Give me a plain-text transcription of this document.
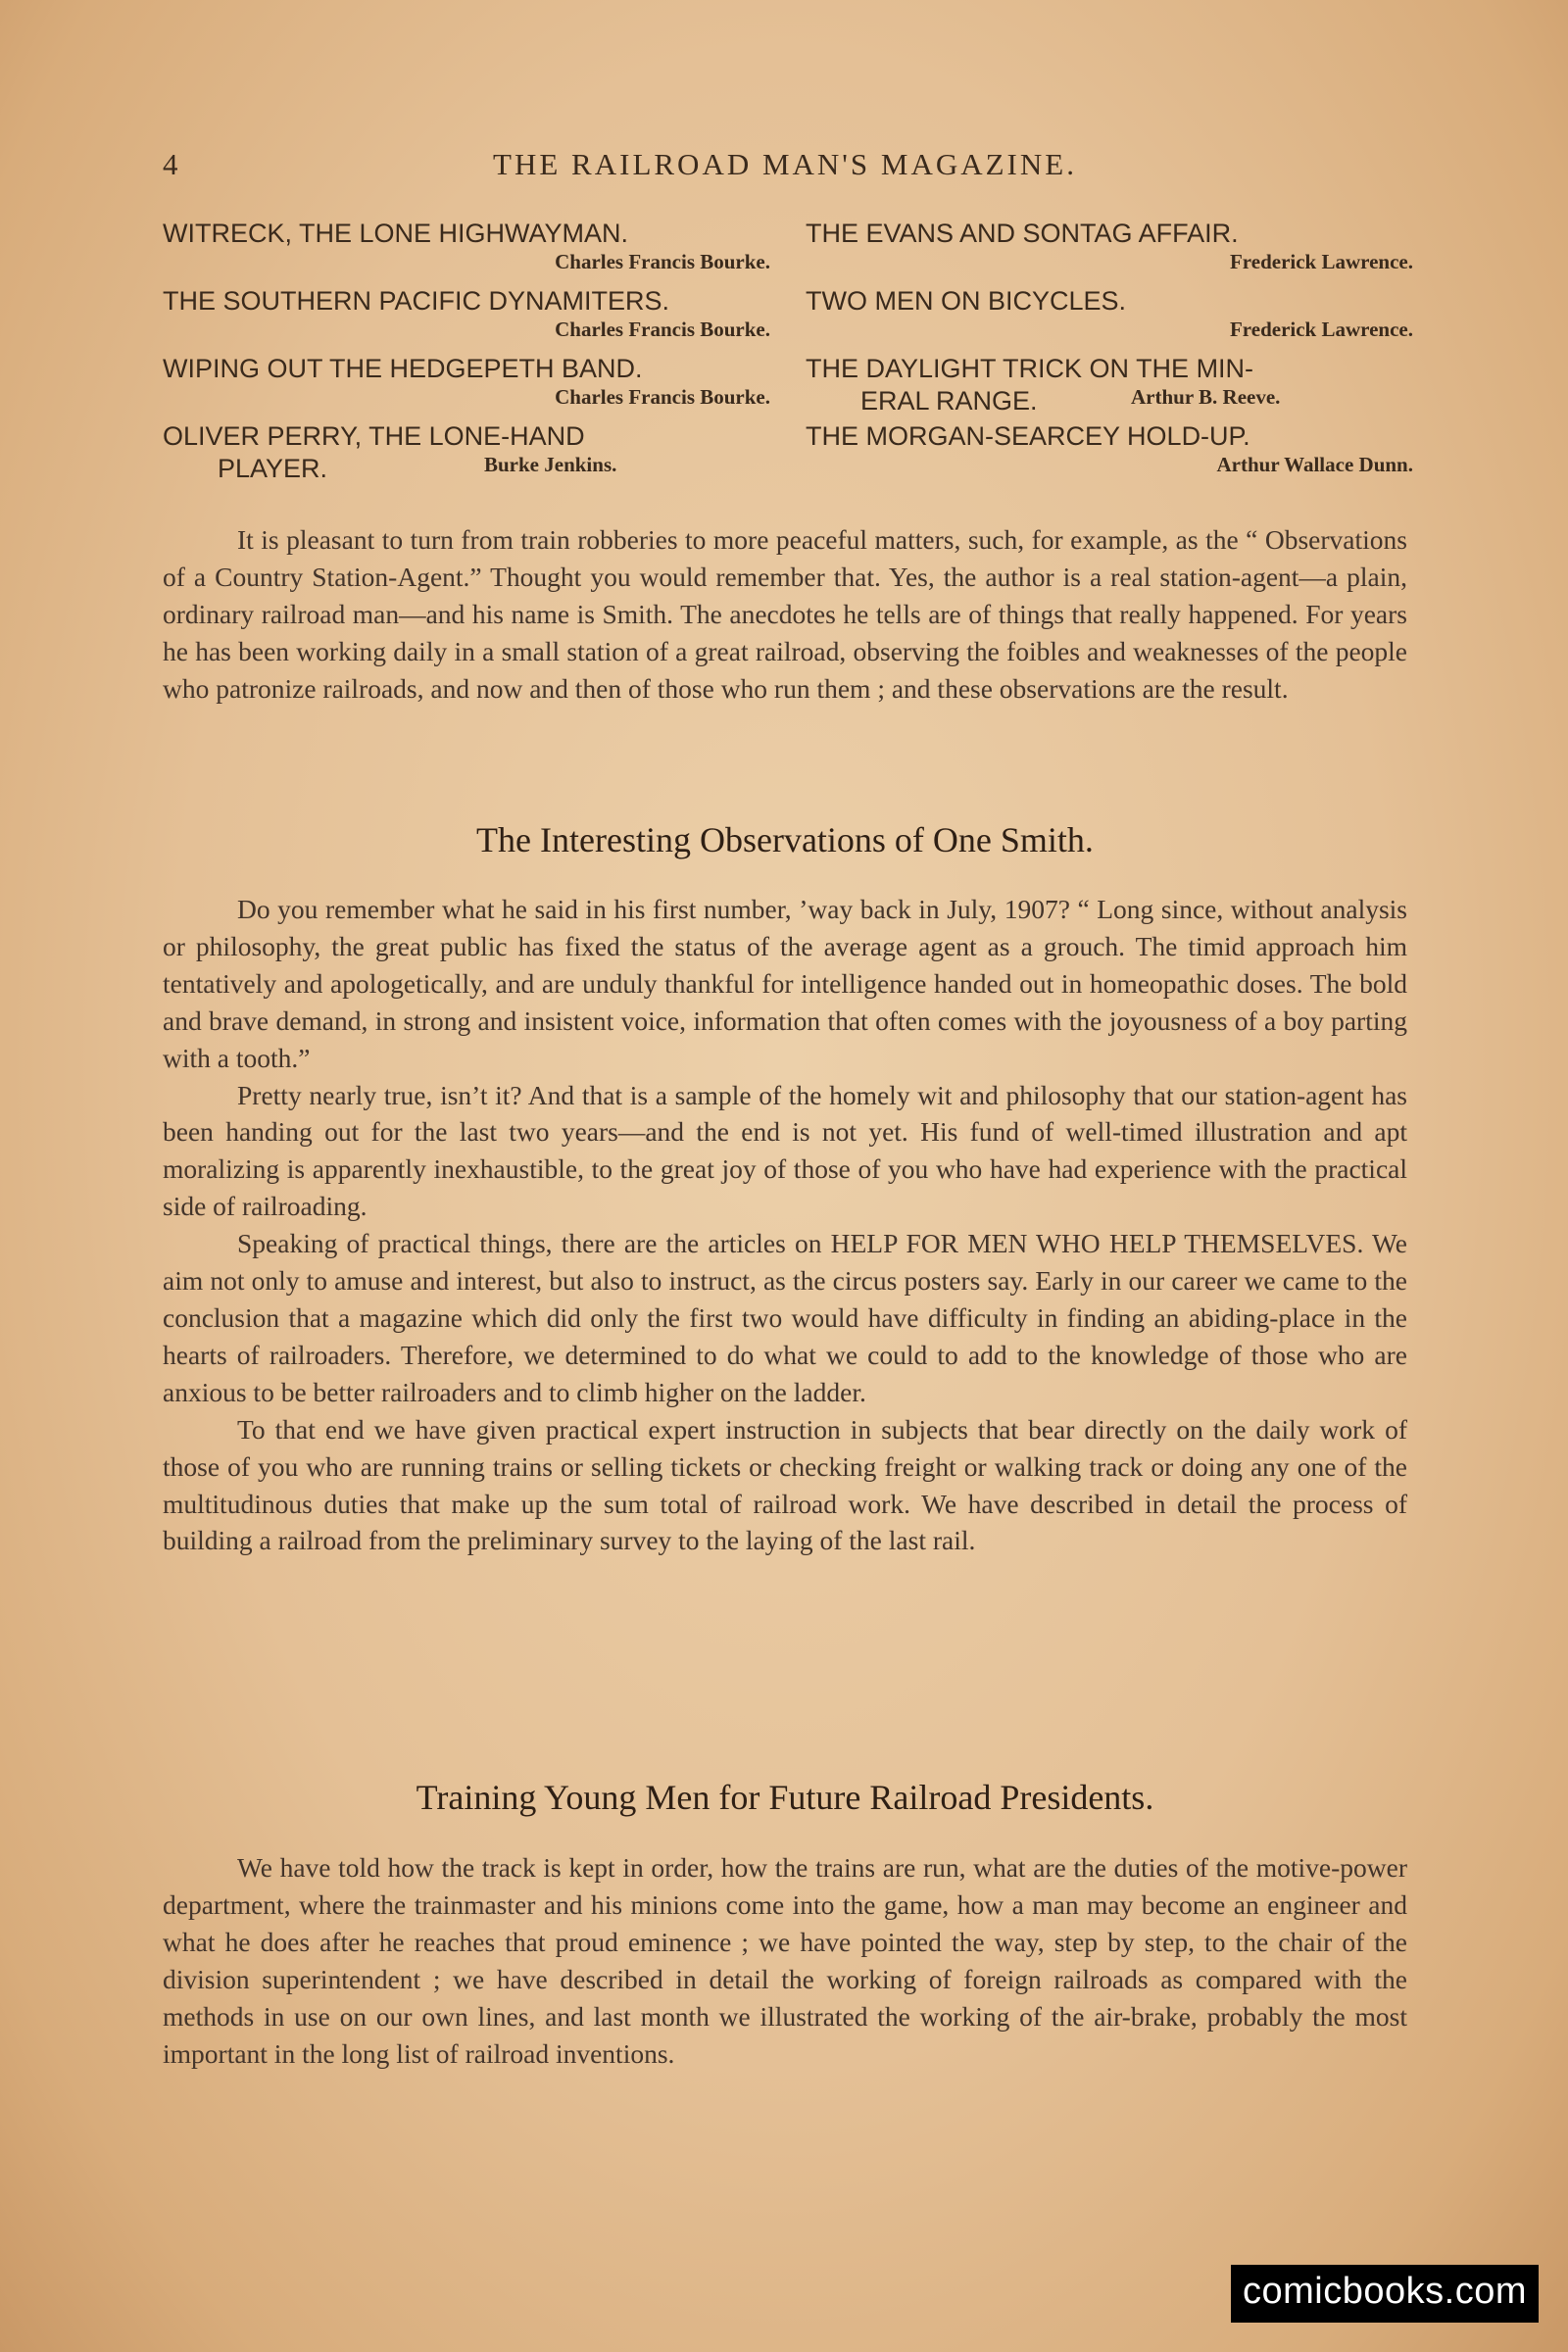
4	THE RAILROAD MAN'S MAGAZINE.
WITRECK, THE LONE HIGHWAYMAN.
Charles Francis Bourke.
THE SOUTHERN PACIFIC DYNAMITERS.
Charles Francis Bourke.
WIPING OUT THE HEDGEPETH BAND.
Charles Francis Bourke.
OLIVER PERRY, THE LONE-HAND
PLAYER.	Burke Jenkins.
THE EVANS AND SONTAG AFFAIR.
Frederick Lawrence.
TWO MEN ON BICYCLES.
Frederick Lawrence.
THE DAYLIGHT TRICK ON THE MIN-
ERAL RANGE.	Arthur B. Reeve.
THE MORGAN-SEARCEY HOLD-UP.
Arthur Wallace Dunn.

It is pleasant to turn from train robberies to more peaceful matters, such, for example, as the “ Observations of a Country Station-Agent.” Thought you would remember that. Yes, the author is a real station-agent—a plain, ordinary railroad man—and his name is Smith. The anecdotes he tells are of things that really happened. For years he has been working daily in a small station of a great railroad, observing the foibles and weaknesses of the people who patronize railroads, and now and then of those who run them ; and these observations are the result.

The Interesting Observations of One Smith.

Do you remember what he said in his first number, ’way back in July, 1907? “ Long since, without analysis or philosophy, the great public has fixed the status of the average agent as a grouch. The timid approach him tentatively and apologetically, and are unduly thankful for intelligence handed out in homeopathic doses. The bold and brave demand, in strong and insistent voice, information that often comes with the joyousness of a boy parting with a tooth.”

Pretty nearly true, isn’t it? And that is a sample of the homely wit and philosophy that our station-agent has been handing out for the last two years—and the end is not yet. His fund of well-timed illustration and apt moralizing is apparently inexhaustible, to the great joy of those of you who have had experience with the practical side of railroading.

Speaking of practical things, there are the articles on HELP FOR MEN WHO HELP THEMSELVES. We aim not only to amuse and interest, but also to instruct, as the circus posters say. Early in our career we came to the conclusion that a magazine which did only the first two would have difficulty in finding an abiding-place in the hearts of railroaders. Therefore, we determined to do what we could to add to the knowledge of those who are anxious to be better railroaders and to climb higher on the ladder.

To that end we have given practical expert instruction in subjects that bear directly on the daily work of those of you who are running trains or selling tickets or checking freight or walking track or doing any one of the multitudinous duties that make up the sum total of railroad work. We have described in detail the process of building a railroad from the preliminary survey to the laying of the last rail.

Training Young Men for Future Railroad Presidents.

We have told how the track is kept in order, how the trains are run, what are the duties of the motive-power department, where the trainmaster and his minions come into the game, how a man may become an engineer and what he does after he reaches that proud eminence ; we have pointed the way, step by step, to the chair of the division superintendent ; we have described in detail the working of foreign railroads as compared with the methods in use on our own lines, and last month we illustrated the working of the air-brake, probably the most important in the long list of railroad inventions.

comicbooks.com
